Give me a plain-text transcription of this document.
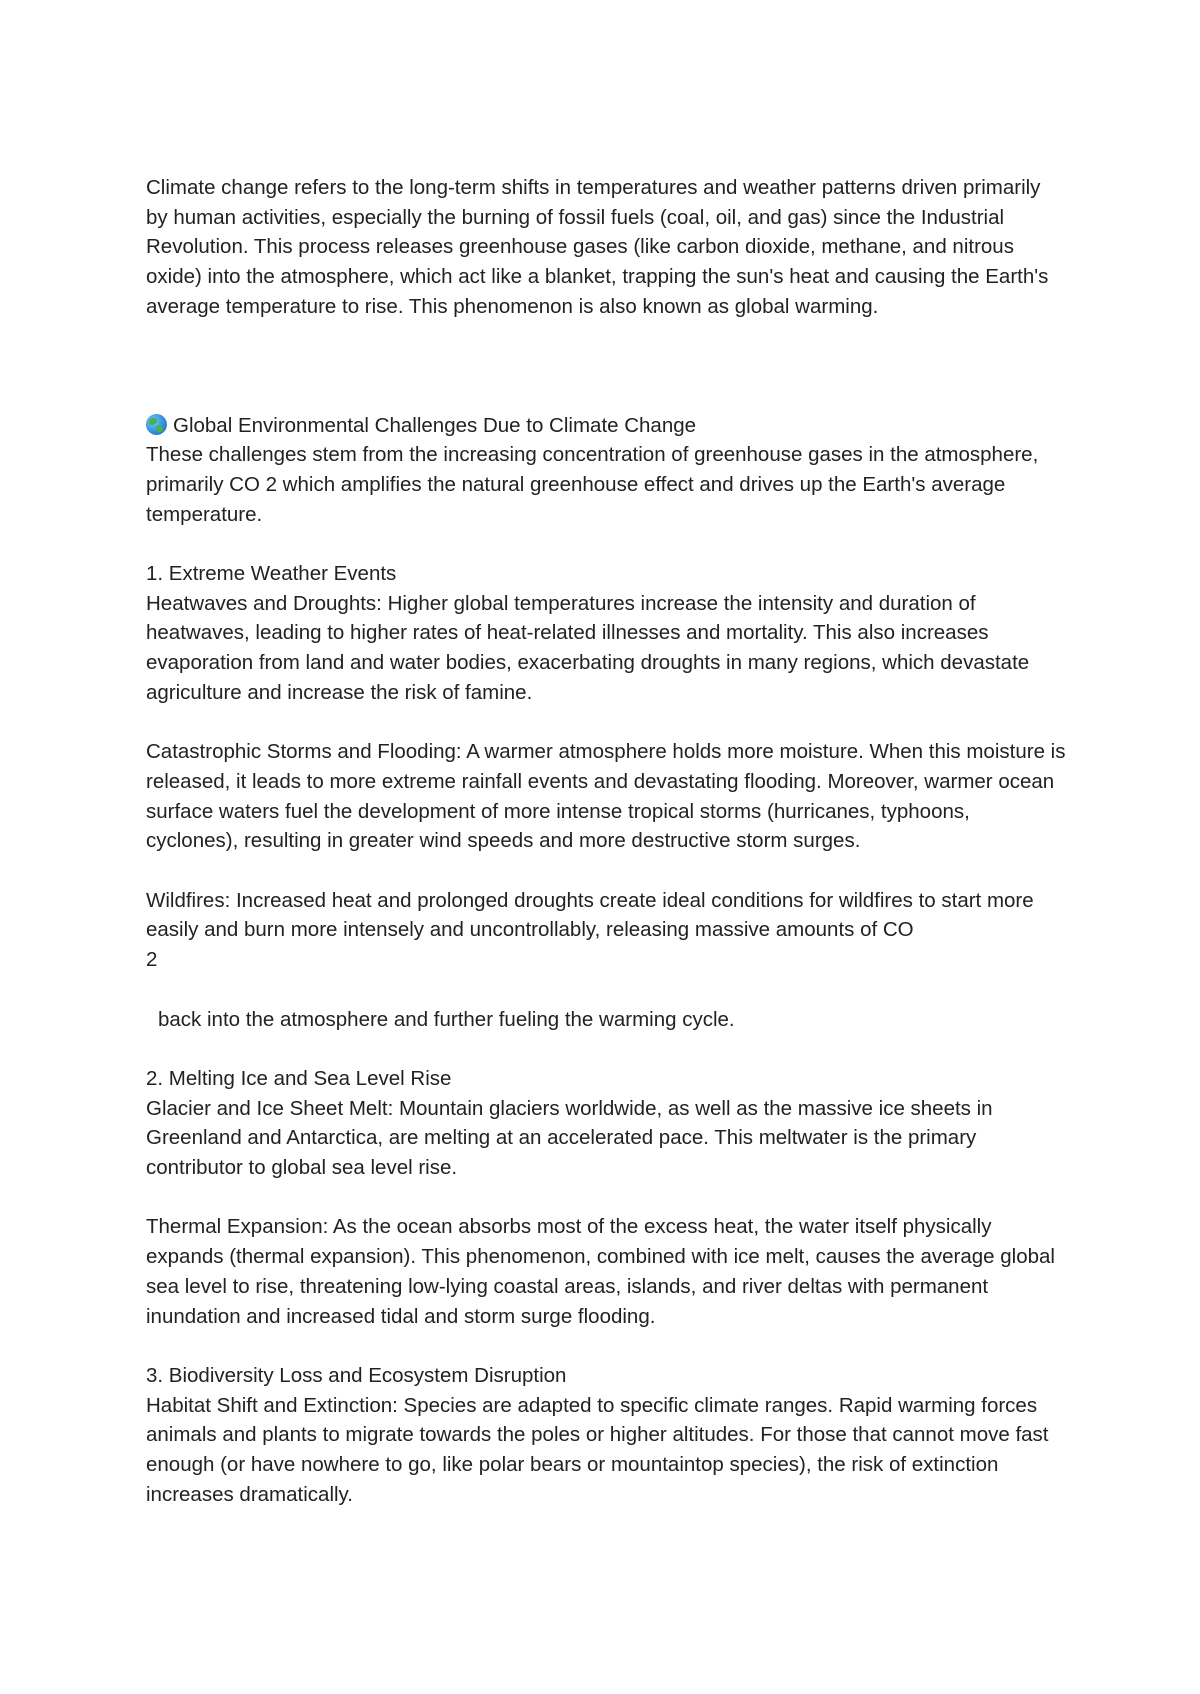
Climate change refers to the long-term shifts in temperatures and weather patterns driven primarily by human activities, especially the burning of fossil fuels (coal, oil, and gas) since the Industrial Revolution. This process releases greenhouse gases (like carbon dioxide, methane, and nitrous oxide) into the atmosphere, which act like a blanket, trapping the sun's heat and causing the Earth's average temperature to rise. This phenomenon is also known as global warming.

Global Environmental Challenges Due to Climate Change

These challenges stem from the increasing concentration of greenhouse gases in the atmosphere, primarily CO 2 which amplifies the natural greenhouse effect and drives up the Earth's average temperature.

1. Extreme Weather Events

Heatwaves and Droughts: Higher global temperatures increase the intensity and duration of heatwaves, leading to higher rates of heat-related illnesses and mortality. This also increases evaporation from land and water bodies, exacerbating droughts in many regions, which devastate agriculture and increase the risk of famine.

Catastrophic Storms and Flooding: A warmer atmosphere holds more moisture. When this moisture is released, it leads to more extreme rainfall events and devastating flooding. Moreover, warmer ocean surface waters fuel the development of more intense tropical storms (hurricanes, typhoons, cyclones), resulting in greater wind speeds and more destructive storm surges.

Wildfires: Increased heat and prolonged droughts create ideal conditions for wildfires to start more easily and burn more intensely and uncontrollably, releasing massive amounts of CO

2

back into the atmosphere and further fueling the warming cycle.

2. Melting Ice and Sea Level Rise

Glacier and Ice Sheet Melt: Mountain glaciers worldwide, as well as the massive ice sheets in Greenland and Antarctica, are melting at an accelerated pace. This meltwater is the primary contributor to global sea level rise.

Thermal Expansion: As the ocean absorbs most of the excess heat, the water itself physically expands (thermal expansion). This phenomenon, combined with ice melt, causes the average global sea level to rise, threatening low-lying coastal areas, islands, and river deltas with permanent inundation and increased tidal and storm surge flooding.

3. Biodiversity Loss and Ecosystem Disruption

Habitat Shift and Extinction: Species are adapted to specific climate ranges. Rapid warming forces animals and plants to migrate towards the poles or higher altitudes. For those that cannot move fast enough (or have nowhere to go, like polar bears or mountaintop species), the risk of extinction increases dramatically.
